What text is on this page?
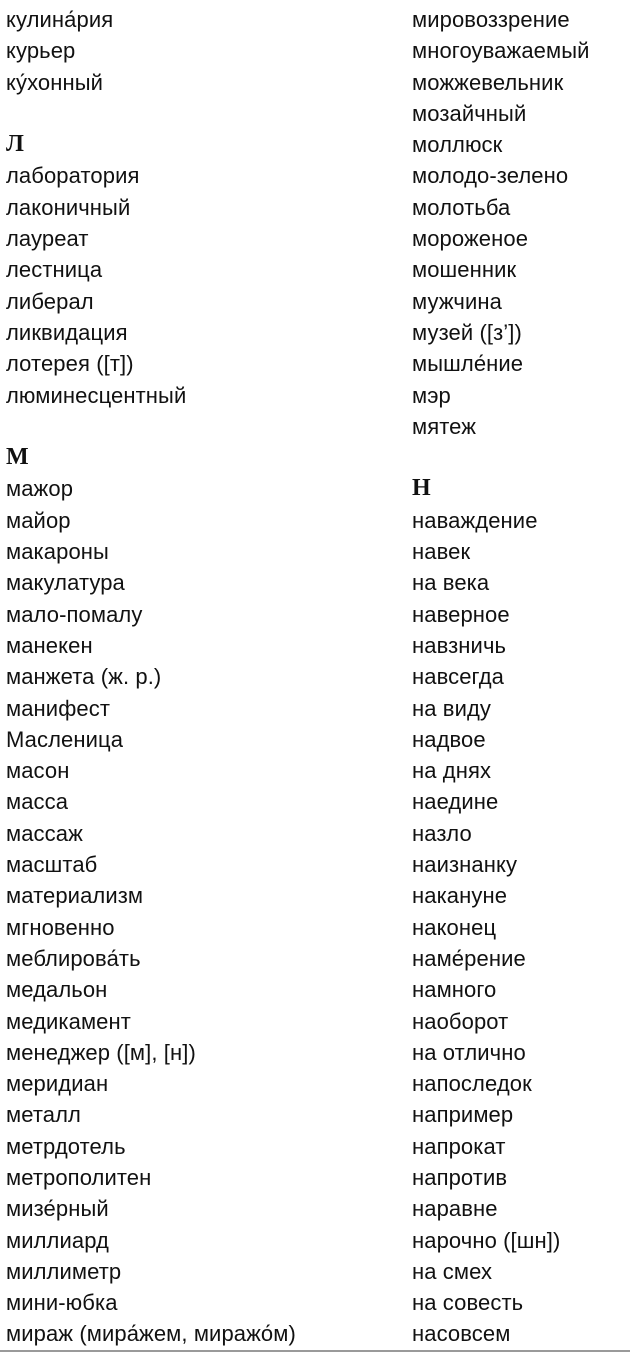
кулина́рия
курьер
ку́хонный
Л
лаборатория
лаконичный
лауреат
лестница
либерал
ликвидация
лотерея ([т])
люминесцентный
М
мажор
майор
макароны
макулатура
мало-помалу
манекен
манжета (ж. р.)
манифест
Масленица
масон
масса
массаж
масштаб
материализм
мгновенно
меблирова́ть
медальон
медикамент
менеджер ([м], [н])
меридиан
металл
метрдотель
метрополитен
мизе́рный
миллиард
миллиметр
мини-юбка
мираж (мира́жем, миражо́м)
мировоззрение
многоуважаемый
можжевельник
мозайчный
моллюск
молодо-зелено
молотьба
мороженое
мошенник
мужчина
музей ([з’])
мышле́ние
мэр
мятеж
Н
наваждение
навек
на века
наверное
навзничь
навсегда
на виду
надвое
на днях
наедине
назло
наизнанку
накануне
наконец
наме́рение
намного
наоборот
на отлично
напоследок
например
напрокат
напротив
наравне
нарочно ([шн])
на смех
на совесть
насовсем
